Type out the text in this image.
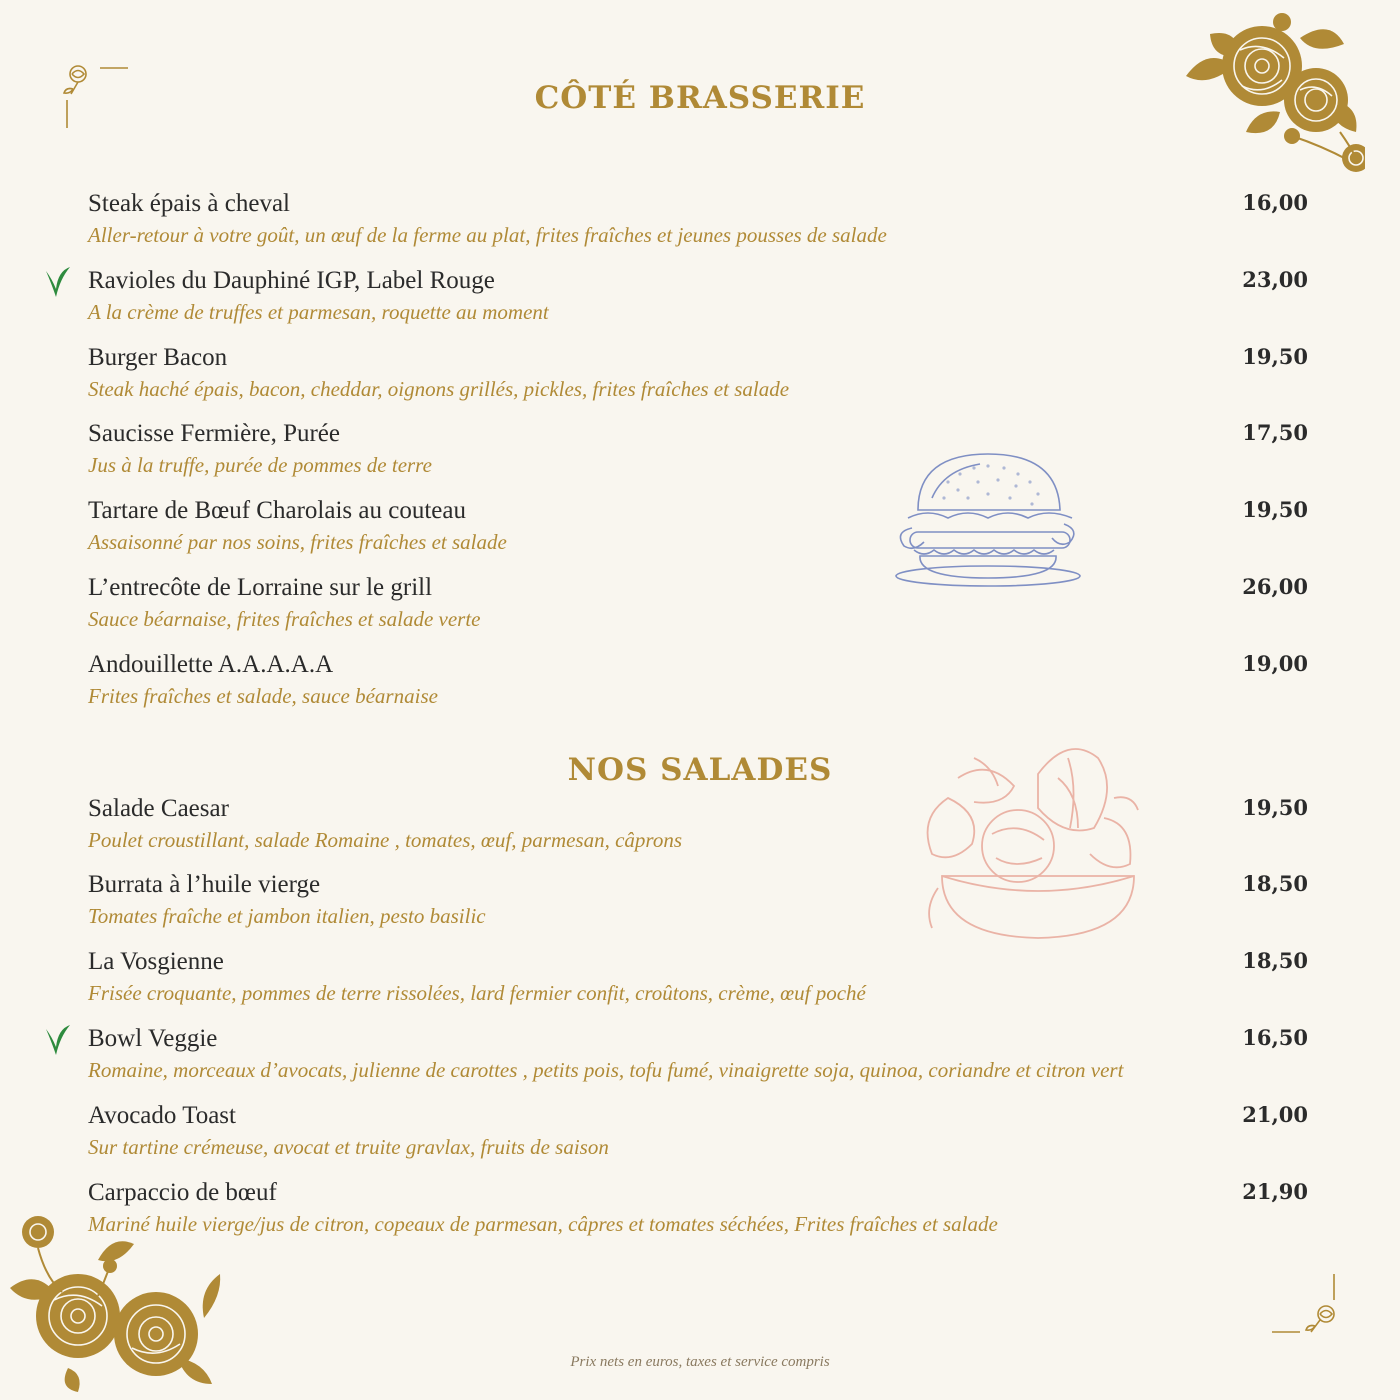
CÔTÉ BRASSERIE
Steak épais à cheval
Aller-retour à votre goût, un œuf de la ferme au plat, frites fraîches et jeunes pousses de salade
16,00
Ravioles du Dauphiné IGP, Label Rouge
A la crème de truffes et parmesan, roquette au moment
23,00
Burger Bacon
Steak haché épais, bacon, cheddar, oignons grillés, pickles, frites fraîches et salade
19,50
Saucisse Fermière, Purée
Jus à la truffe, purée de pommes de terre
17,50
Tartare de Bœuf Charolais au couteau
Assaisonné par nos soins, frites fraîches et salade
19,50
L’entrecôte de Lorraine sur le grill
Sauce béarnaise, frites fraîches et salade verte
26,00
Andouillette A.A.A.A.A
Frites fraîches et salade, sauce béarnaise
19,00
NOS SALADES
Salade Caesar
Poulet croustillant, salade Romaine , tomates, œuf, parmesan, câprons
19,50
Burrata à l’huile vierge
Tomates fraîche et jambon italien, pesto basilic
18,50
La Vosgienne
Frisée croquante, pommes de terre rissolées, lard fermier confit, croûtons, crème, œuf poché
18,50
Bowl Veggie
Romaine, morceaux d’avocats, julienne de carottes , petits pois, tofu fumé, vinaigrette soja, quinoa, coriandre et citron vert
16,50
Avocado Toast
Sur tartine crémeuse, avocat et truite gravlax, fruits de saison
21,00
Carpaccio de bœuf
Mariné huile vierge/jus de citron, copeaux de parmesan, câpres et tomates séchées, Frites fraîches et salade
21,90
Prix nets en euros, taxes et service compris
